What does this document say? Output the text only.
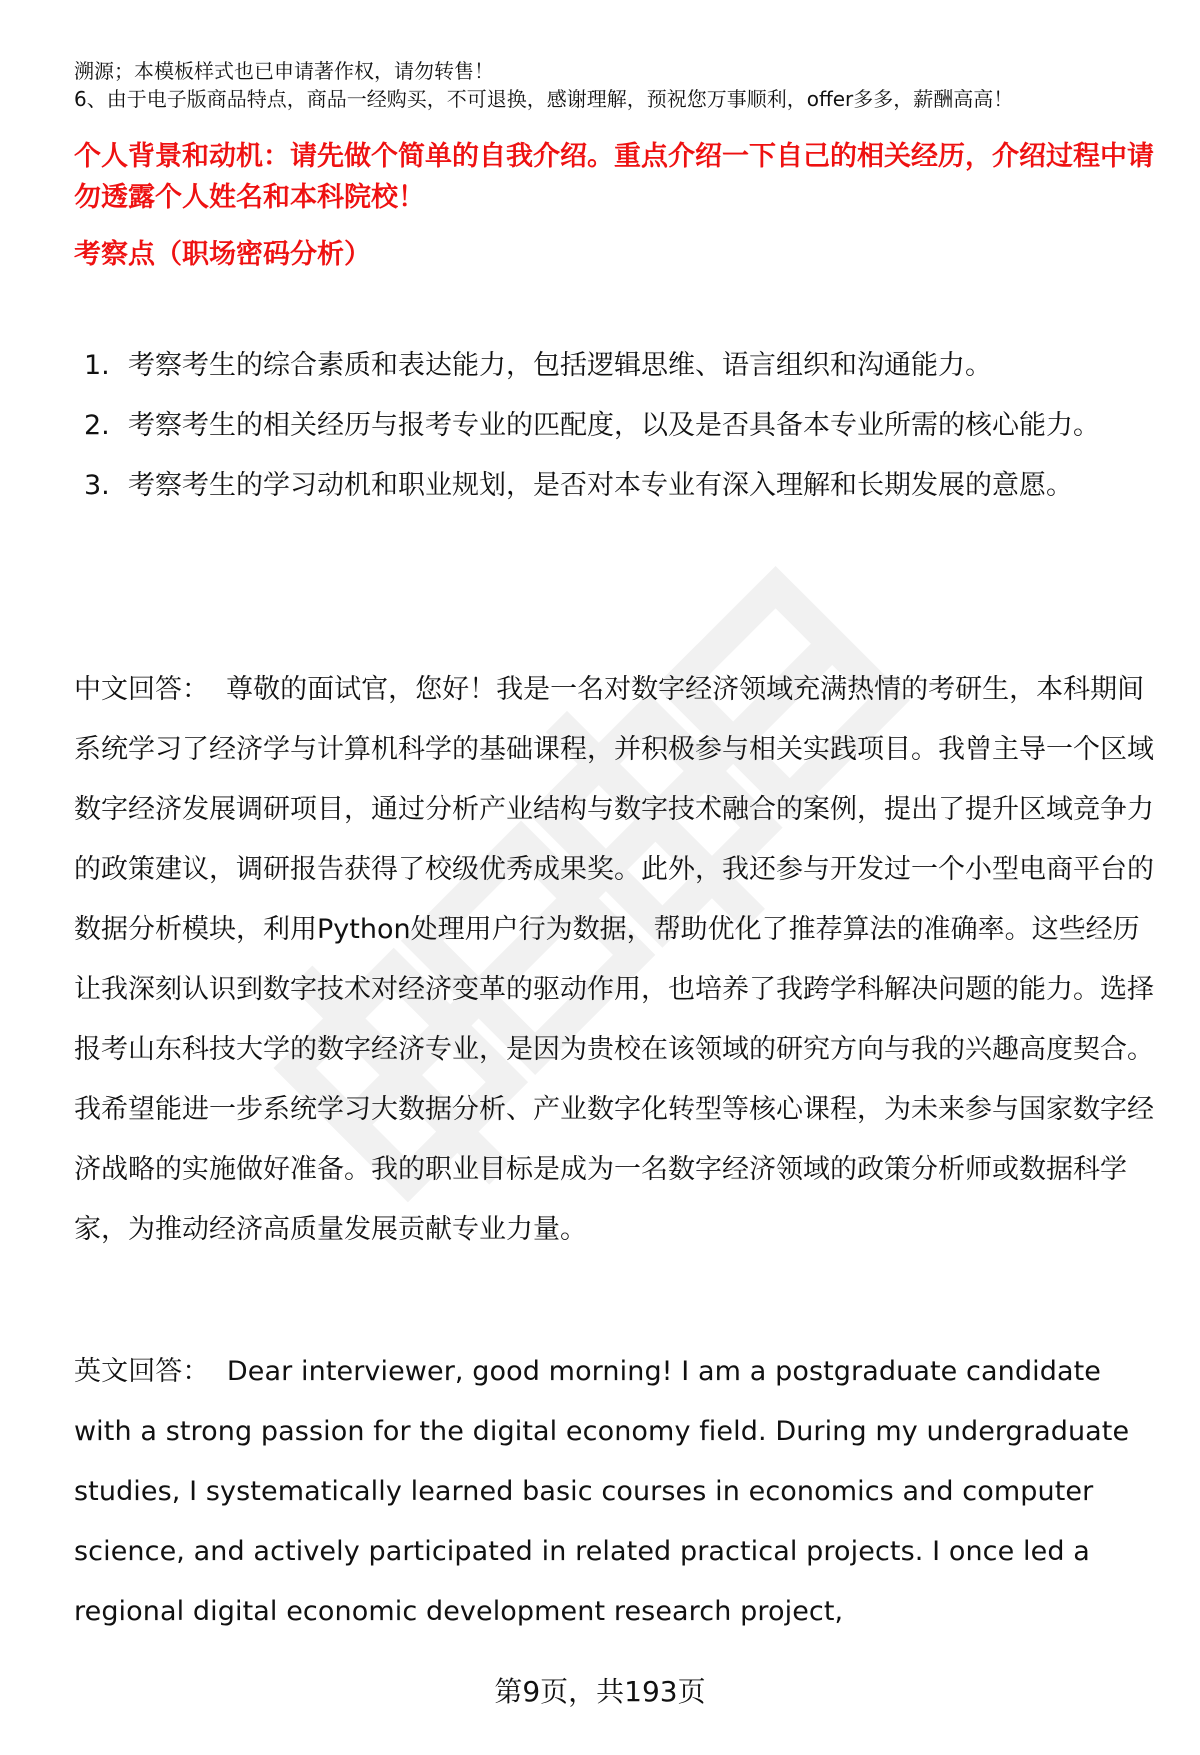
溯源；本模板样式也已申请著作权，请勿转售！
6、由于电子版商品特点，商品一经购买，不可退换，感谢理解，预祝您万事顺利，offer多多，薪酬高高！
个人背景和动机：请先做个简单的自我介绍。重点介绍一下自己的相关经历，介绍过程中请勿透露个人姓名和本科院校！
考察点（职场密码分析）
1. 考察考生的综合素质和表达能力，包括逻辑思维、语言组织和沟通能力。
2. 考察考生的相关经历与报考专业的匹配度，以及是否具备本专业所需的核心能力。
3. 考察考生的学习动机和职业规划，是否对本专业有深入理解和长期发展的意愿。

中文回答： 尊敬的面试官，您好！我是一名对数字经济领域充满热情的考研生，本科期间系统学习了经济学与计算机科学的基础课程，并积极参与相关实践项目。我曾主导一个区域数字经济发展调研项目，通过分析产业结构与数字技术融合的案例，提出了提升区域竞争力的政策建议，调研报告获得了校级优秀成果奖。此外，我还参与开发过一个小型电商平台的数据分析模块，利用Python处理用户行为数据，帮助优化了推荐算法的准确率。这些经历让我深刻认识到数字技术对经济变革的驱动作用，也培养了我跨学科解决问题的能力。选择报考山东科技大学的数字经济专业，是因为贵校在该领域的研究方向与我的兴趣高度契合。我希望能进一步系统学习大数据分析、产业数字化转型等核心课程，为未来参与国家数字经济战略的实施做好准备。我的职业目标是成为一名数字经济领域的政策分析师或数据科学家，为推动经济高质量发展贡献专业力量。

英文回答： Dear interviewer, good morning! I am a postgraduate candidate with a strong passion for the digital economy field. During my undergraduate studies, I systematically learned basic courses in economics and computer science, and actively participated in related practical projects. I once led a regional digital economic development research project,

第9页，共193页
